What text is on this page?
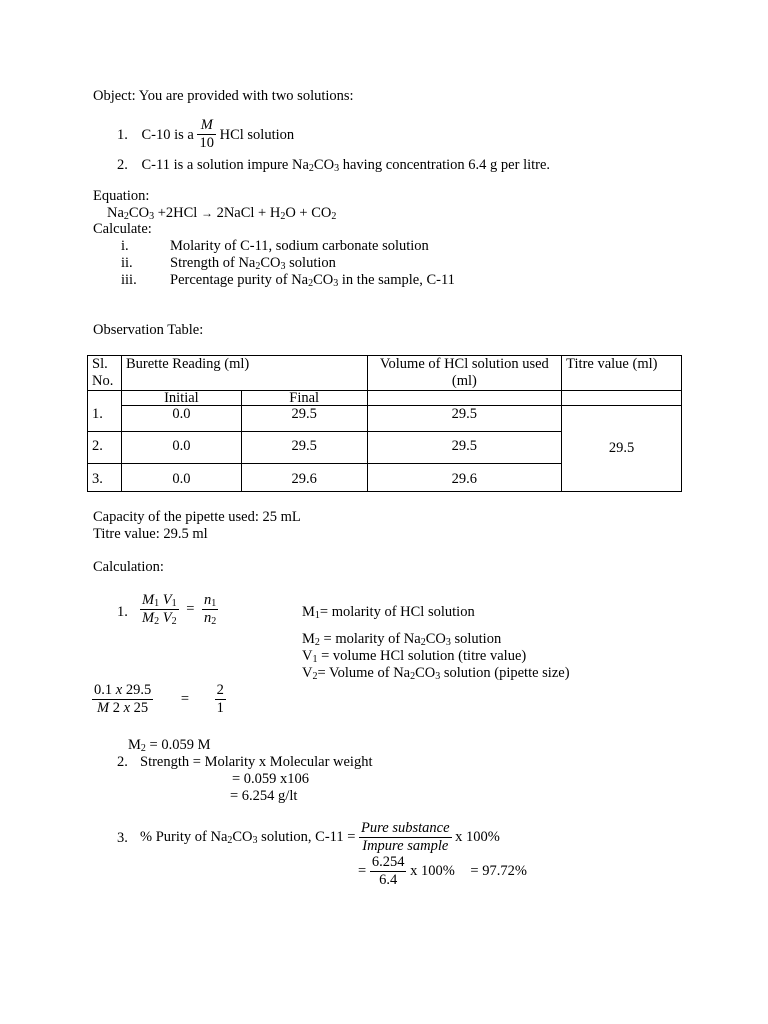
Object: You are provided with two solutions:
1. C-10 is a $\frac{M}{10}$ HCl solution
2. C-11 is a solution impure $Na_2CO_3$ having concentration 6.4 g per litre.
Equation:
$Na_2CO_3 +2HCl$ → 2NaCl + $H_2O + CO_2$
Calculate:
i.	Molarity of C-11, sodium carbonate solution
ii.	Strength of $Na_2CO_3$ solution
iii. Percentage purity of $Na_2CO_3$ in the sample, C-11
Observation Table:
Sl.
No.	Burette Reading (ml)		Volume of HCl solution used (ml)	Titre value (ml)
	Initial	Final		
1.	0.0	29.5	29.5	29.5
2.	0.0	29.5	29.5	
3.	0.0	29.6	29.6	
Capacity of the pipette used: 25 mL
Titre value: 29.5 ml
Calculation:
1. $\frac{M_1 V_1}{M_2 V_2} = \frac{n_1}{n_2}$	$M_1=$ molarity of HCl solution
$M_2$ = molarity of $Na_2CO_3$ solution
$V_1$ = volume HCl solution (titre value)
$V_2=$ Volume of $Na_2CO_3$ solution (pipette size)
$\frac{0.1 x 29.5}{M 2 x 25} = \frac{2}{1}$
$M_2 = 0.059$ M
2. Strength = Molarity x Molecular weight
= 0.059 x106
= 6.254 g/lt
3. % Purity of $Na_2CO_3$ solution, $C-11 = \frac{\text{Pure substance}}{\text{Impure sample}}$ x 100%
= $\frac{6.254}{6.4}$ x 100% = 97.72%
